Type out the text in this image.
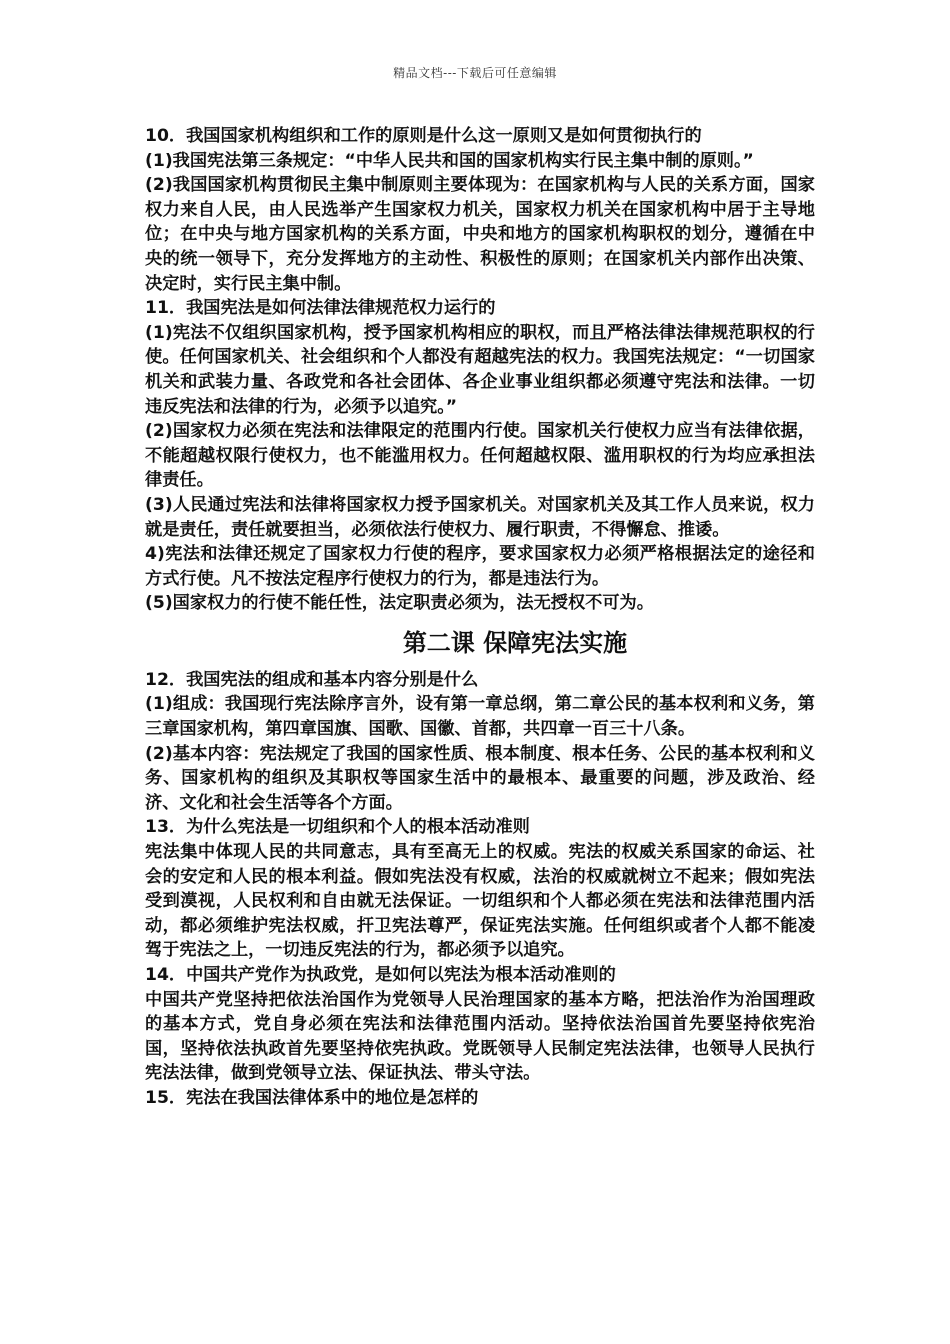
精品文档---下载后可任意编辑

10．我国国家机构组织和工作的原则是什么这一原则又是如何贯彻执行的

(1)我国宪法第三条规定：“中华人民共和国的国家机构实行民主集中制的原则。”

(2)我国国家机构贯彻民主集中制原则主要体现为：在国家机构与人民的关系方面，国家权力来自人民，由人民选举产生国家权力机关，国家权力机关在国家机构中居于主导地位；在中央与地方国家机构的关系方面，中央和地方的国家机构职权的划分，遵循在中央的统一领导下，充分发挥地方的主动性、积极性的原则；在国家机关内部作出决策、决定时，实行民主集中制。

11．我国宪法是如何法律法律规范权力运行的

(1)宪法不仅组织国家机构，授予国家机构相应的职权，而且严格法律法律规范职权的行使。任何国家机关、社会组织和个人都没有超越宪法的权力。我国宪法规定：“一切国家机关和武装力量、各政党和各社会团体、各企业事业组织都必须遵守宪法和法律。一切违反宪法和法律的行为，必须予以追究。”

(2)国家权力必须在宪法和法律限定的范围内行使。国家机关行使权力应当有法律依据，不能超越权限行使权力，也不能滥用权力。任何超越权限、滥用职权的行为均应承担法律责任。

(3)人民通过宪法和法律将国家权力授予国家机关。对国家机关及其工作人员来说，权力就是责任，责任就要担当，必须依法行使权力、履行职责，不得懈怠、推诿。

4)宪法和法律还规定了国家权力行使的程序，要求国家权力必须严格根据法定的途径和方式行使。凡不按法定程序行使权力的行为，都是违法行为。

(5)国家权力的行使不能任性，法定职责必须为，法无授权不可为。

第二课 保障宪法实施

12．我国宪法的组成和基本内容分别是什么

(1)组成：我国现行宪法除序言外，设有第一章总纲，第二章公民的基本权利和义务，第三章国家机构，第四章国旗、国歌、国徽、首都，共四章一百三十八条。

(2)基本内容：宪法规定了我国的国家性质、根本制度、根本任务、公民的基本权利和义务、国家机构的组织及其职权等国家生活中的最根本、最重要的问题，涉及政治、经济、文化和社会生活等各个方面。

13．为什么宪法是一切组织和个人的根本活动准则

宪法集中体现人民的共同意志，具有至高无上的权威。宪法的权威关系国家的命运、社会的安定和人民的根本利益。假如宪法没有权威，法治的权威就树立不起来；假如宪法受到漠视，人民权利和自由就无法保证。一切组织和个人都必须在宪法和法律范围内活动，都必须维护宪法权威，扞卫宪法尊严，保证宪法实施。任何组织或者个人都不能凌驾于宪法之上，一切违反宪法的行为，都必须予以追究。

14．中国共产党作为执政党，是如何以宪法为根本活动准则的

中国共产党坚持把依法治国作为党领导人民治理国家的基本方略，把法治作为治国理政的基本方式，党自身必须在宪法和法律范围内活动。坚持依法治国首先要坚持依宪治国，坚持依法执政首先要坚持依宪执政。党既领导人民制定宪法法律，也领导人民执行宪法法律，做到党领导立法、保证执法、带头守法。

15．宪法在我国法律体系中的地位是怎样的
